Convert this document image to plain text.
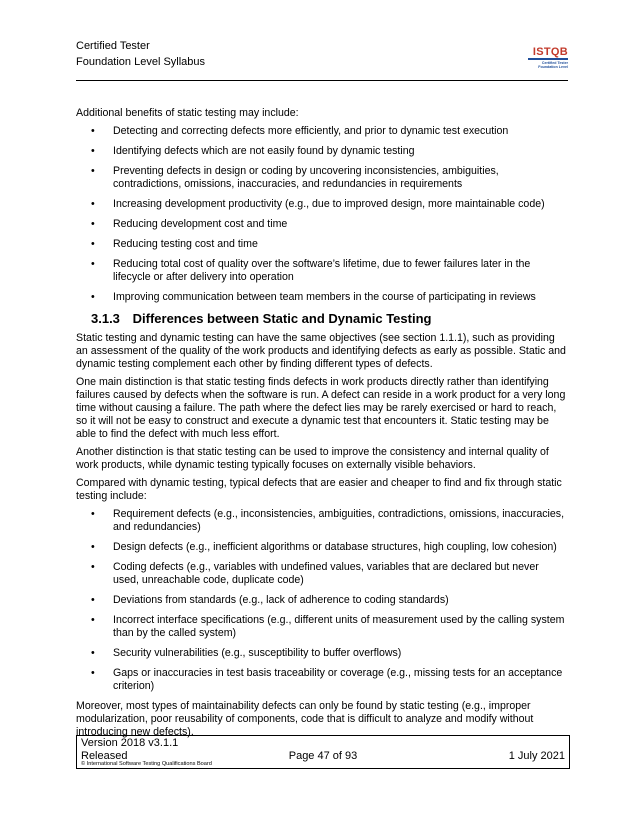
Certified Tester
Foundation Level Syllabus
ISTQB
Certified Tester Foundation Level

Additional benefits of static testing may include:

• Detecting and correcting defects more efficiently, and prior to dynamic test execution
• Identifying defects which are not easily found by dynamic testing
• Preventing defects in design or coding by uncovering inconsistencies, ambiguities, contradictions, omissions, inaccuracies, and redundancies in requirements
• Increasing development productivity (e.g., due to improved design, more maintainable code)
• Reducing development cost and time
• Reducing testing cost and time
• Reducing total cost of quality over the software’s lifetime, due to fewer failures later in the lifecycle or after delivery into operation
• Improving communication between team members in the course of participating in reviews
3.1.3 Differences between Static and Dynamic Testing

Static testing and dynamic testing can have the same objectives (see section 1.1.1), such as providing an assessment of the quality of the work products and identifying defects as early as possible. Static and dynamic testing complement each other by finding different types of defects.

One main distinction is that static testing finds defects in work products directly rather than identifying failures caused by defects when the software is run. A defect can reside in a work product for a very long time without causing a failure. The path where the defect lies may be rarely exercised or hard to reach, so it will not be easy to construct and execute a dynamic test that encounters it. Static testing may be able to find the defect with much less effort.

Another distinction is that static testing can be used to improve the consistency and internal quality of work products, while dynamic testing typically focuses on externally visible behaviors.

Compared with dynamic testing, typical defects that are easier and cheaper to find and fix through static testing include:

• Requirement defects (e.g., inconsistencies, ambiguities, contradictions, omissions, inaccuracies, and redundancies)
• Design defects (e.g., inefficient algorithms or database structures, high coupling, low cohesion)
• Coding defects (e.g., variables with undefined values, variables that are declared but never used, unreachable code, duplicate code)
• Deviations from standards (e.g., lack of adherence to coding standards)
• Incorrect interface specifications (e.g., different units of measurement used by the calling system than by the called system)
• Security vulnerabilities (e.g., susceptibility to buffer overflows)
• Gaps or inaccuracies in test basis traceability or coverage (e.g., missing tests for an acceptance criterion)

Moreover, most types of maintainability defects can only be found by static testing (e.g., improper modularization, poor reusability of components, code that is difficult to analyze and modify without introducing new defects).

Version 2018 v3.1.1
Released
© International Software Testing Qualifications Board
Page 47 of 93	1 July 2021
